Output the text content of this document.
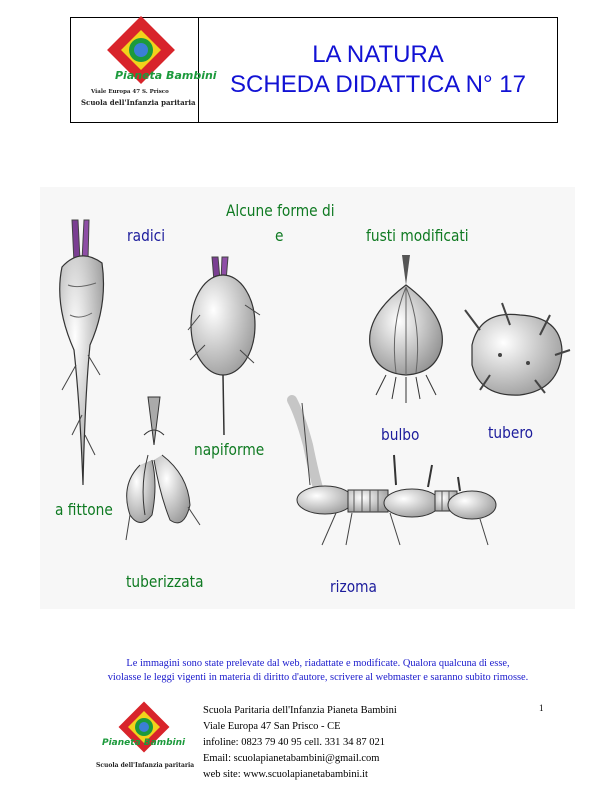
Pianeta Bambini
Viale Europa 47 S. Prisco
Scuola dell'Infanzia paritaria
LA NATURA
SCHEDA DIDATTICA N° 17
Alcune forme di
e
radici	fusti modificati
a fittone
napiforme
tuberizzata
bulbo	tubero
rizoma
Le immagini sono state prelevate dal web, riadattate e modificate. Qualora qualcuna di esse,
violasse le leggi vigenti in materia di diritto d'autore, scrivere al webmaster e saranno subito rimosse.
1
Pianeta Bambini
Scuola dell'Infanzia paritaria
Scuola Paritaria dell'Infanzia Pianeta Bambini
Viale Europa 47 San Prisco - CE
infoline: 0823 79 40 95 cell. 331 34 87 021
Email: scuolapianetabambini@gmail.com
web site: www.scuolapianetabambini.it
